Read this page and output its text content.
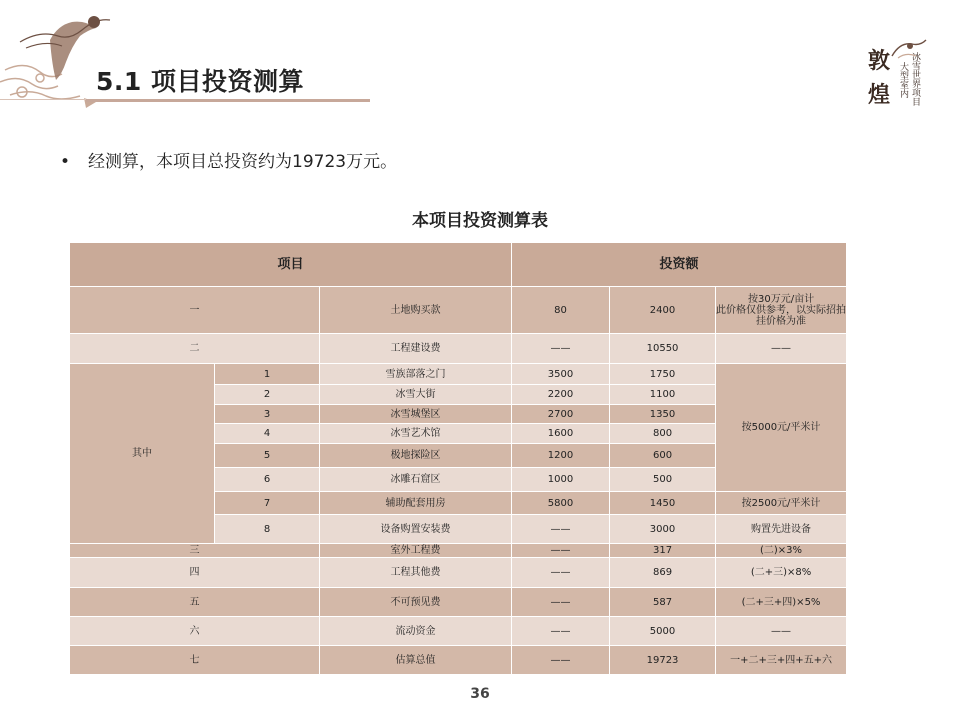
5.1 项目投资测算
敦
煌 冰雪世界项目
大型室内
• 经测算，本项目总投资约为19723万元。
本项目投资测算表
项目			投资额		
一		土地购买款	80	2400	按30万元/亩计
此价格仅供参考，以实际招拍挂价格为准
二		工程建设费	——	10550	——
其中	1	雪族部落之门	3500	1750	按5000元/平米计
	2	冰雪大街	2200	1100	
	3	冰雪城堡区	2700	1350	
	4	冰雪艺术馆	1600	800	
	5	极地探险区	1200	600	
	6	冰雕石窟区	1000	500	
	7	辅助配套用房	5800	1450	按2500元/平米计
	8	设备购置安装费	——	3000	购置先进设备
三		室外工程费	——	317	(二)×3%
四		工程其他费	——	869	(二+三)×8%
五		不可预见费	——	587	(二+三+四)×5%
六		流动资金	——	5000	——
七		估算总值	——	19723	一+二+三+四+五+六
36
